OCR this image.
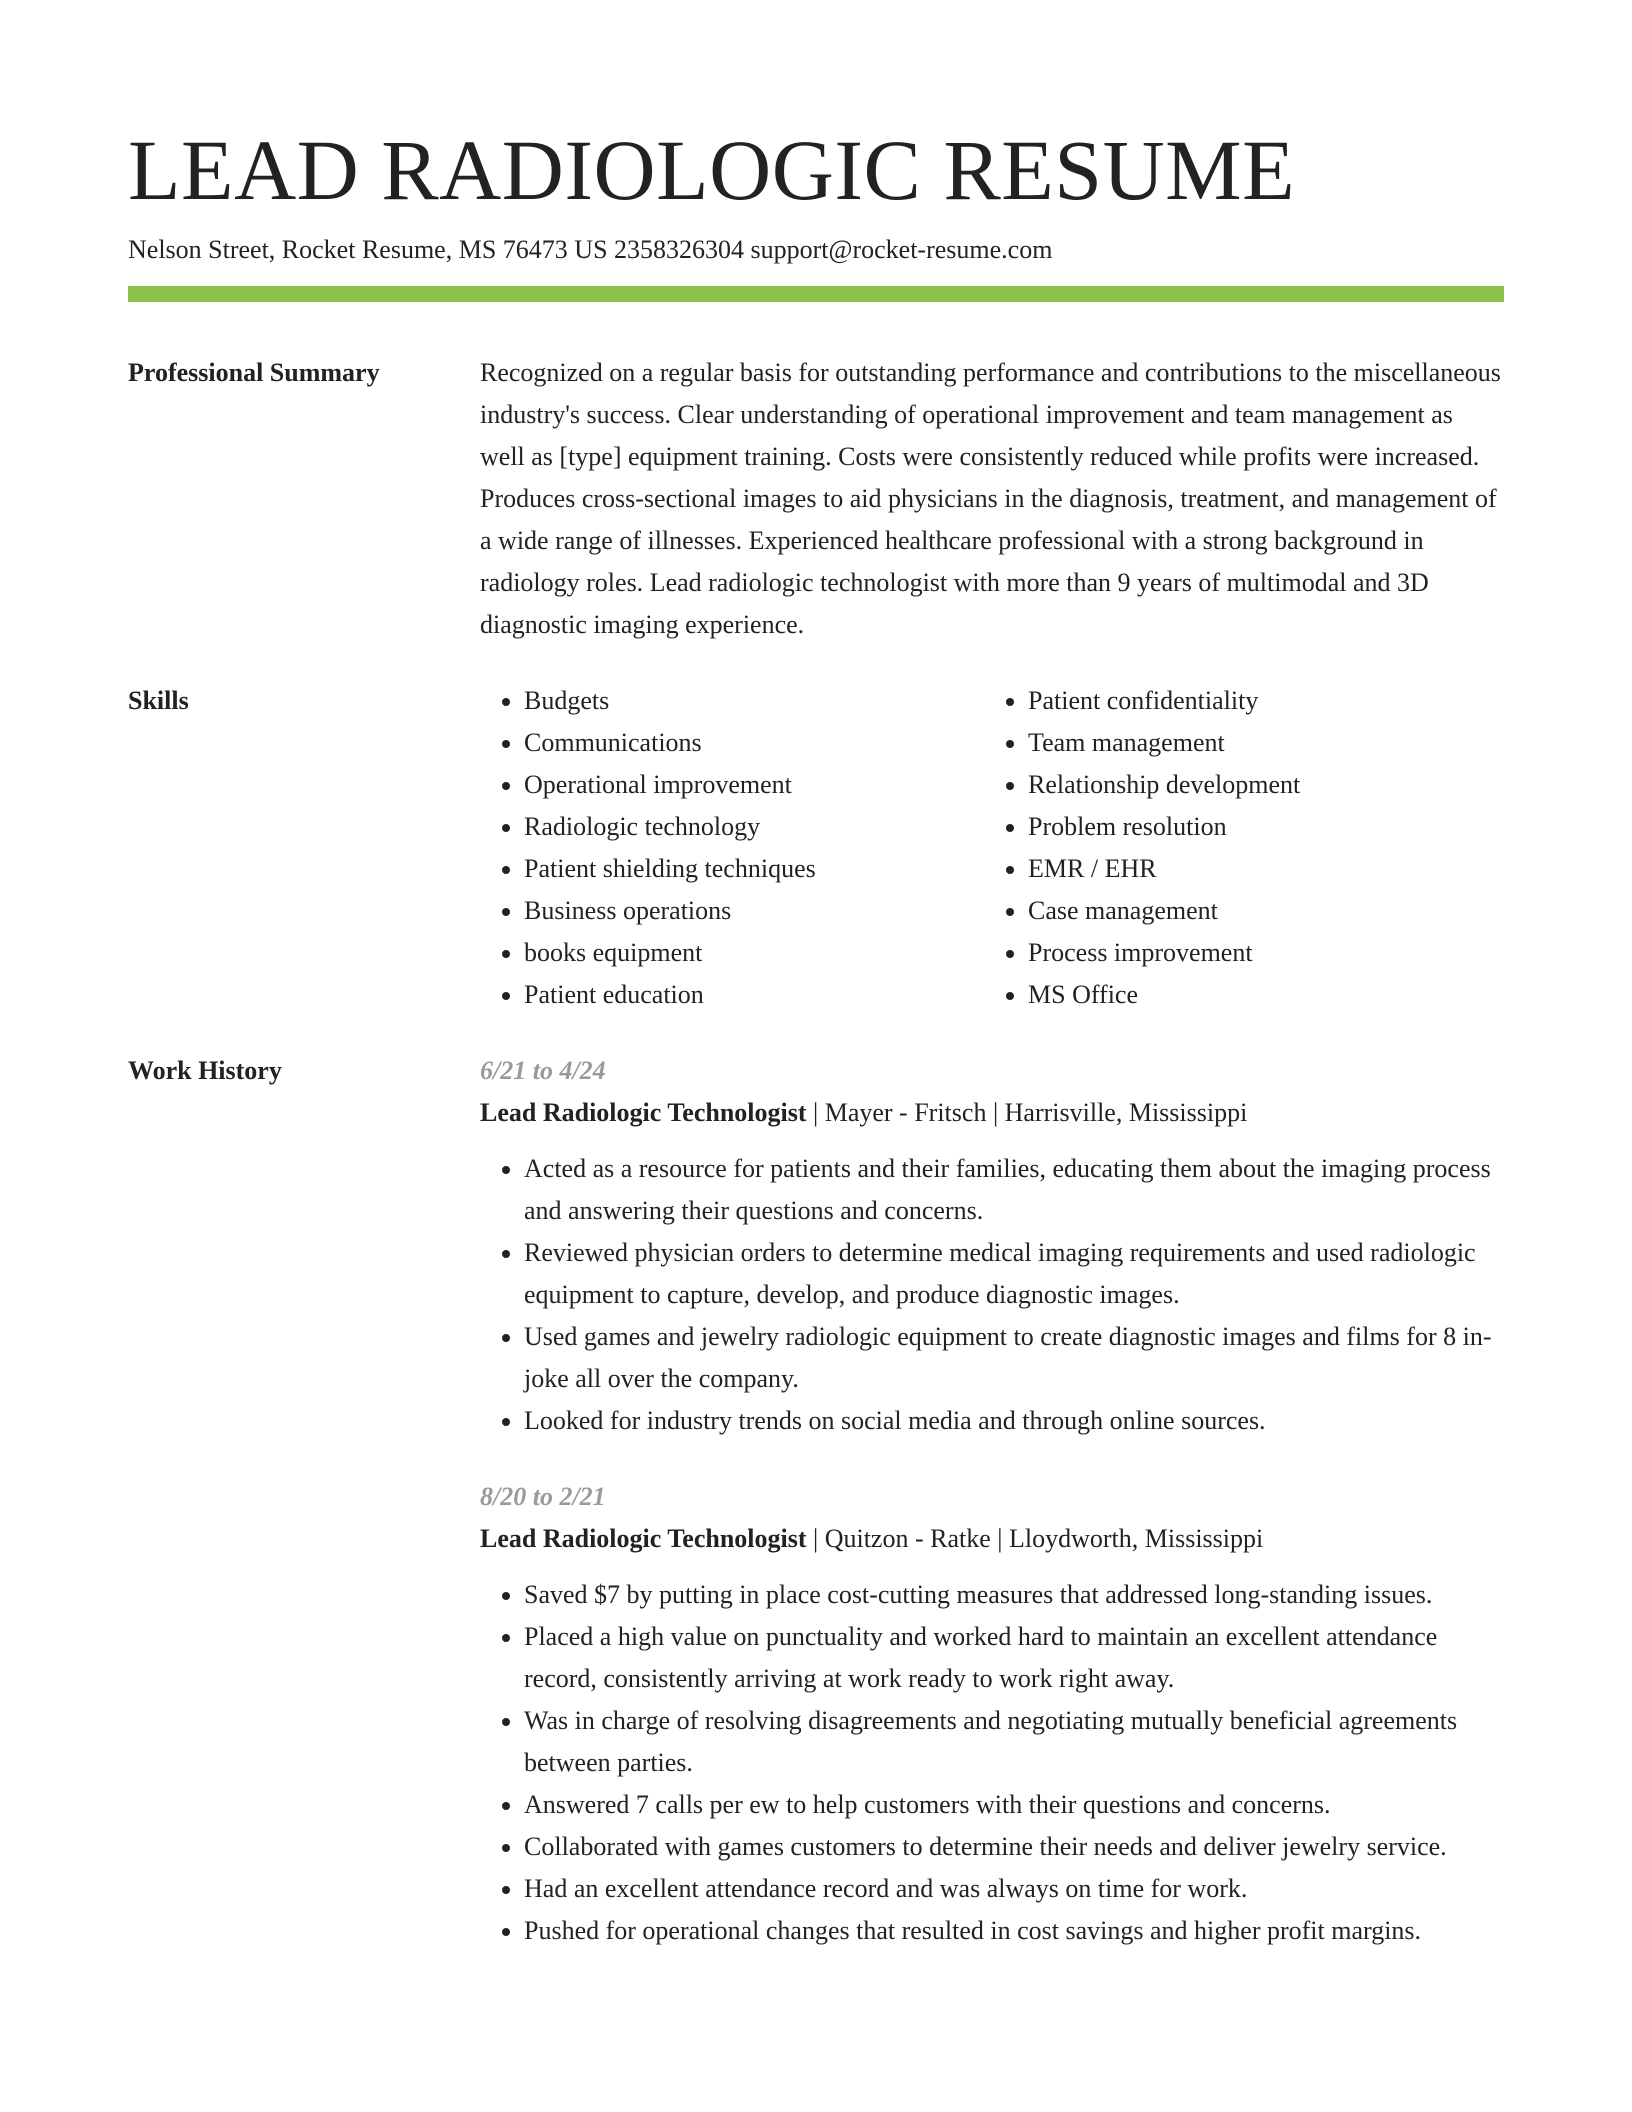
LEAD RADIOLOGIC RESUME
Nelson Street, Rocket Resume, MS 76473 US 2358326304 support@rocket-resume.com
Professional Summary	Recognized on a regular basis for outstanding performance and contributions to the miscellaneous industry's success. Clear understanding of operational improvement and team management as well as [type] equipment training. Costs were consistently reduced while profits were increased. Produces cross-sectional images to aid physicians in the diagnosis, treatment, and management of a wide range of illnesses. Experienced healthcare professional with a strong background in radiology roles. Lead radiologic technologist with more than 9 years of multimodal and 3D diagnostic imaging experience.

Skills
•	Budgets
• Communications
• Operational improvement
• Radiologic technology
• Patient shielding techniques
• Business operations
• books equipment
• Patient education
• Patient confidentiality
• Team management
• Relationship development
• Problem resolution
• EMR / EHR
• Case management
• Process improvement
• MS Office
Work History	6/21 to 4/24
Lead Radiologic Technologist | Mayer - Fritsch | Harrisville, Mississippi
• Acted as a resource for patients and their families, educating them about the imaging process and answering their questions and concerns.
• Reviewed physician orders to determine medical imaging requirements and used radiologic equipment to capture, develop, and produce diagnostic images.
• Used games and jewelry radiologic equipment to create diagnostic images and films for 8 in-joke all over the company.
• Looked for industry trends on social media and through online sources.
8/20 to 2/21
Lead Radiologic Technologist | Quitzon - Ratke | Lloydworth, Mississippi
• Saved $7 by putting in place cost-cutting measures that addressed long-standing issues.
• Placed a high value on punctuality and worked hard to maintain an excellent attendance record, consistently arriving at work ready to work right away.
• Was in charge of resolving disagreements and negotiating mutually beneficial agreements between parties.
• Answered 7 calls per ew to help customers with their questions and concerns.
• Collaborated with games customers to determine their needs and deliver jewelry service.
• Had an excellent attendance record and was always on time for work.
• Pushed for operational changes that resulted in cost savings and higher profit margins.
